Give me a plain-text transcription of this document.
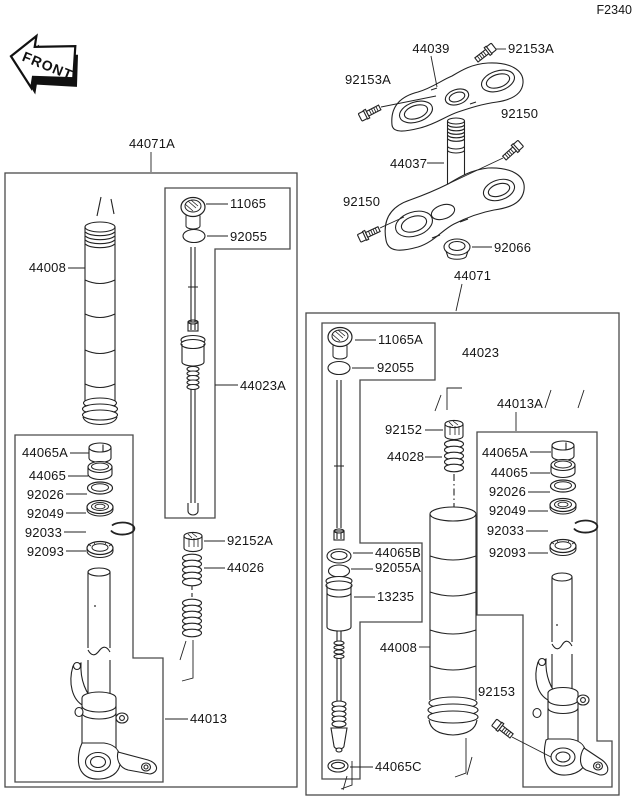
F2340
FRONT
44071A
44071
44039	92153A
92153A
44037
92150
92150
92066
44008
11065
92055
44023A
44065A
44065
92026
92049
92033
92093
92152A
44026
44013
11065A
92055
44023
92152
44028
44013A
44065A
44065
92026
92049
92033
92093
44065B
92055A
13235
44008
92153
44065C
